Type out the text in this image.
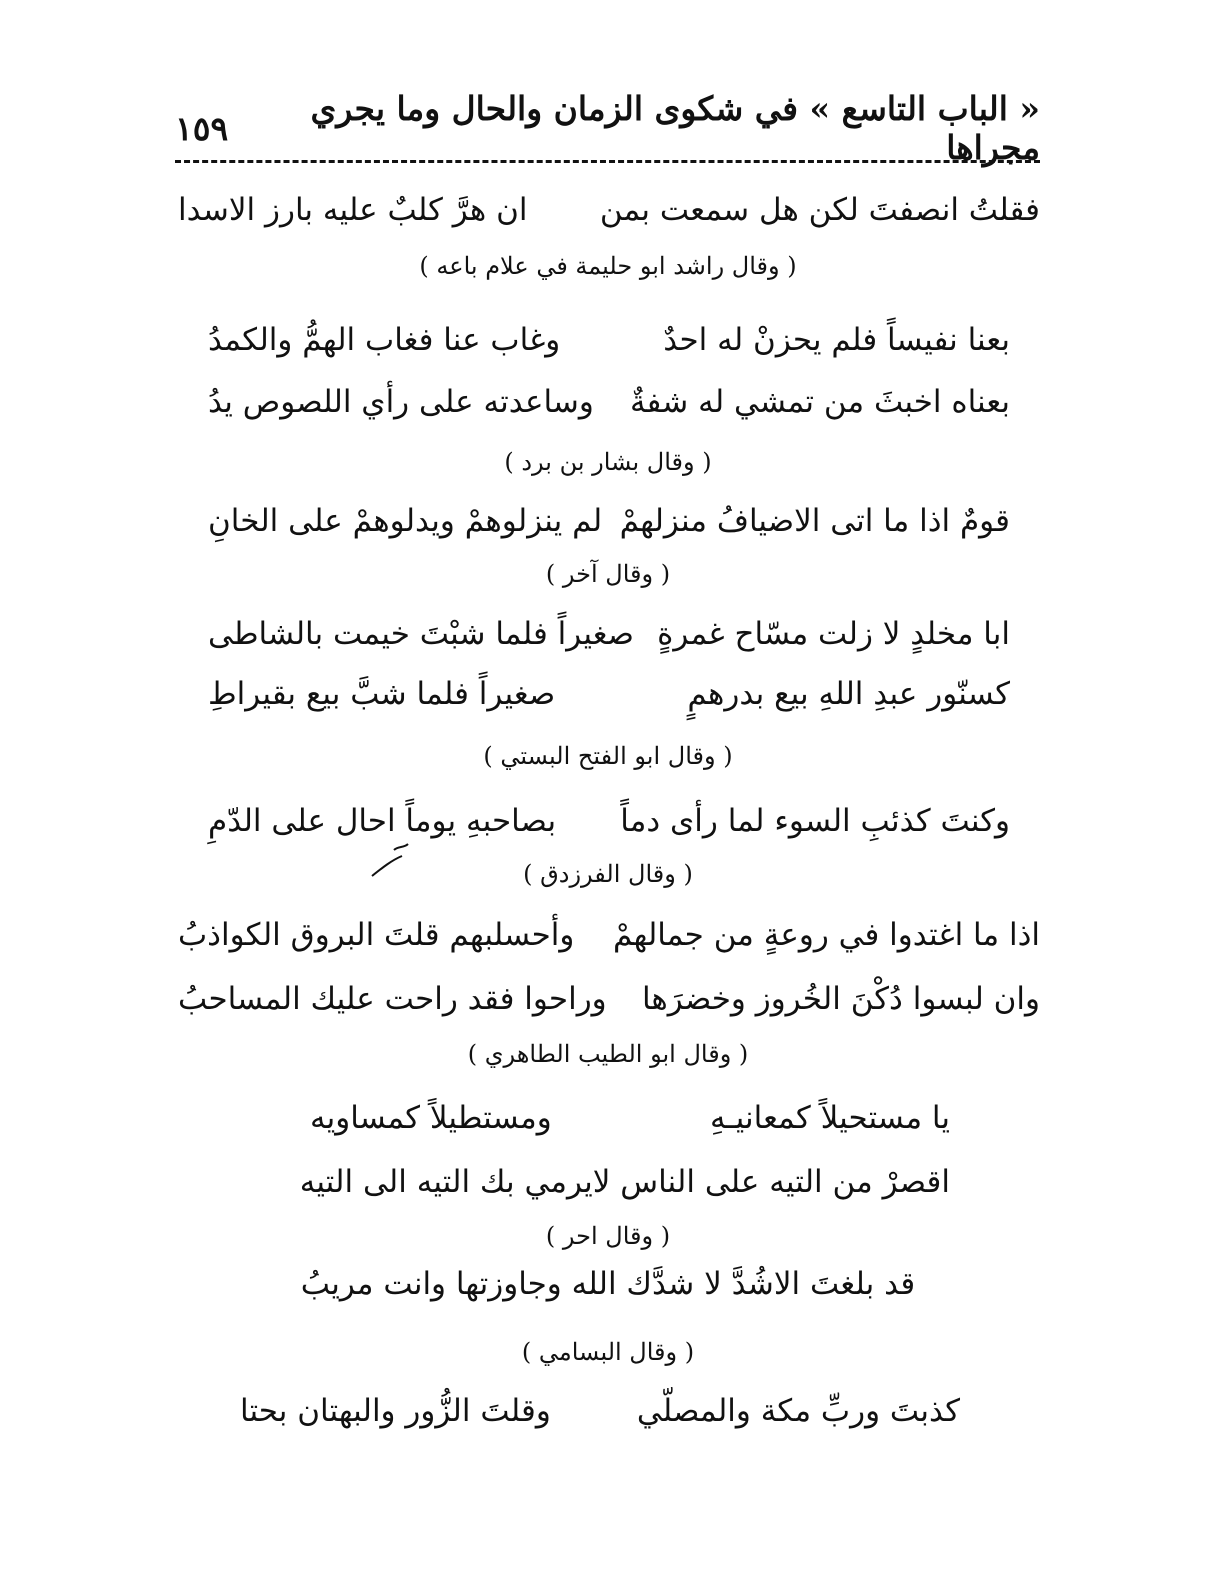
« الباب التاسع » في شكوى الزمان والحال وما يجري مجراها
١٥٩
فقلتُ انصفتَ لكن هل سمعت بمن
ان هرَّ كلبٌ عليه بارز الاسدا
( وقال راشد ابو حليمة في علام باعه )
بعنا نفيساً فلم يحزنْ له احدٌ
وغاب عنا فغاب الهمُّ والكمدُ
بعناه اخبثَ من تمشي له شفةٌ
وساعدته على رأي اللصوص يدُ
( وقال بشار بن برد )
قومٌ اذا ما اتى الاضيافُ منزلهمْ
لم ينزلوهمْ ويدلوهمْ على الخانِ
( وقال آخر )
ابا مخلدٍ لا زلت مسّاح غمرةٍ
صغيراً فلما شبْتَ خيمت بالشاطى
كسنّور عبدِ اللهِ بيع بدرهمٍ
صغيراً فلما شبَّ بيع بقيراطِ
( وقال ابو الفتح البستي )
وكنتَ كذئبِ السوء لما رأى دماً
بصاحبهِ يوماً احال على الدّمِ
( وقال الفرزدق )
اذا ما اغتدوا في روعةٍ من جمالهمْ
وأحسلبهم قلتَ البروق الكواذبُ
وان لبسوا دُكْنَ الخُروز وخضرَها
وراحوا فقد راحت عليك المساحبُ
( وقال ابو الطيب الطاهري )
يا مستحيلاً كمعانيـهِ
ومستطيلاً كمساويه
اقصرْ من التيه على الناس لا
يرمي بك التيه الى التيه
( وقال احر )
قد بلغتَ الاشُدَّ لا شدَّك الله وجاوزتها وانت مريبُ
( وقال البسامي )
كذبتَ وربِّ مكة والمصلّي
وقلتَ الزُّور والبهتان بحتا
